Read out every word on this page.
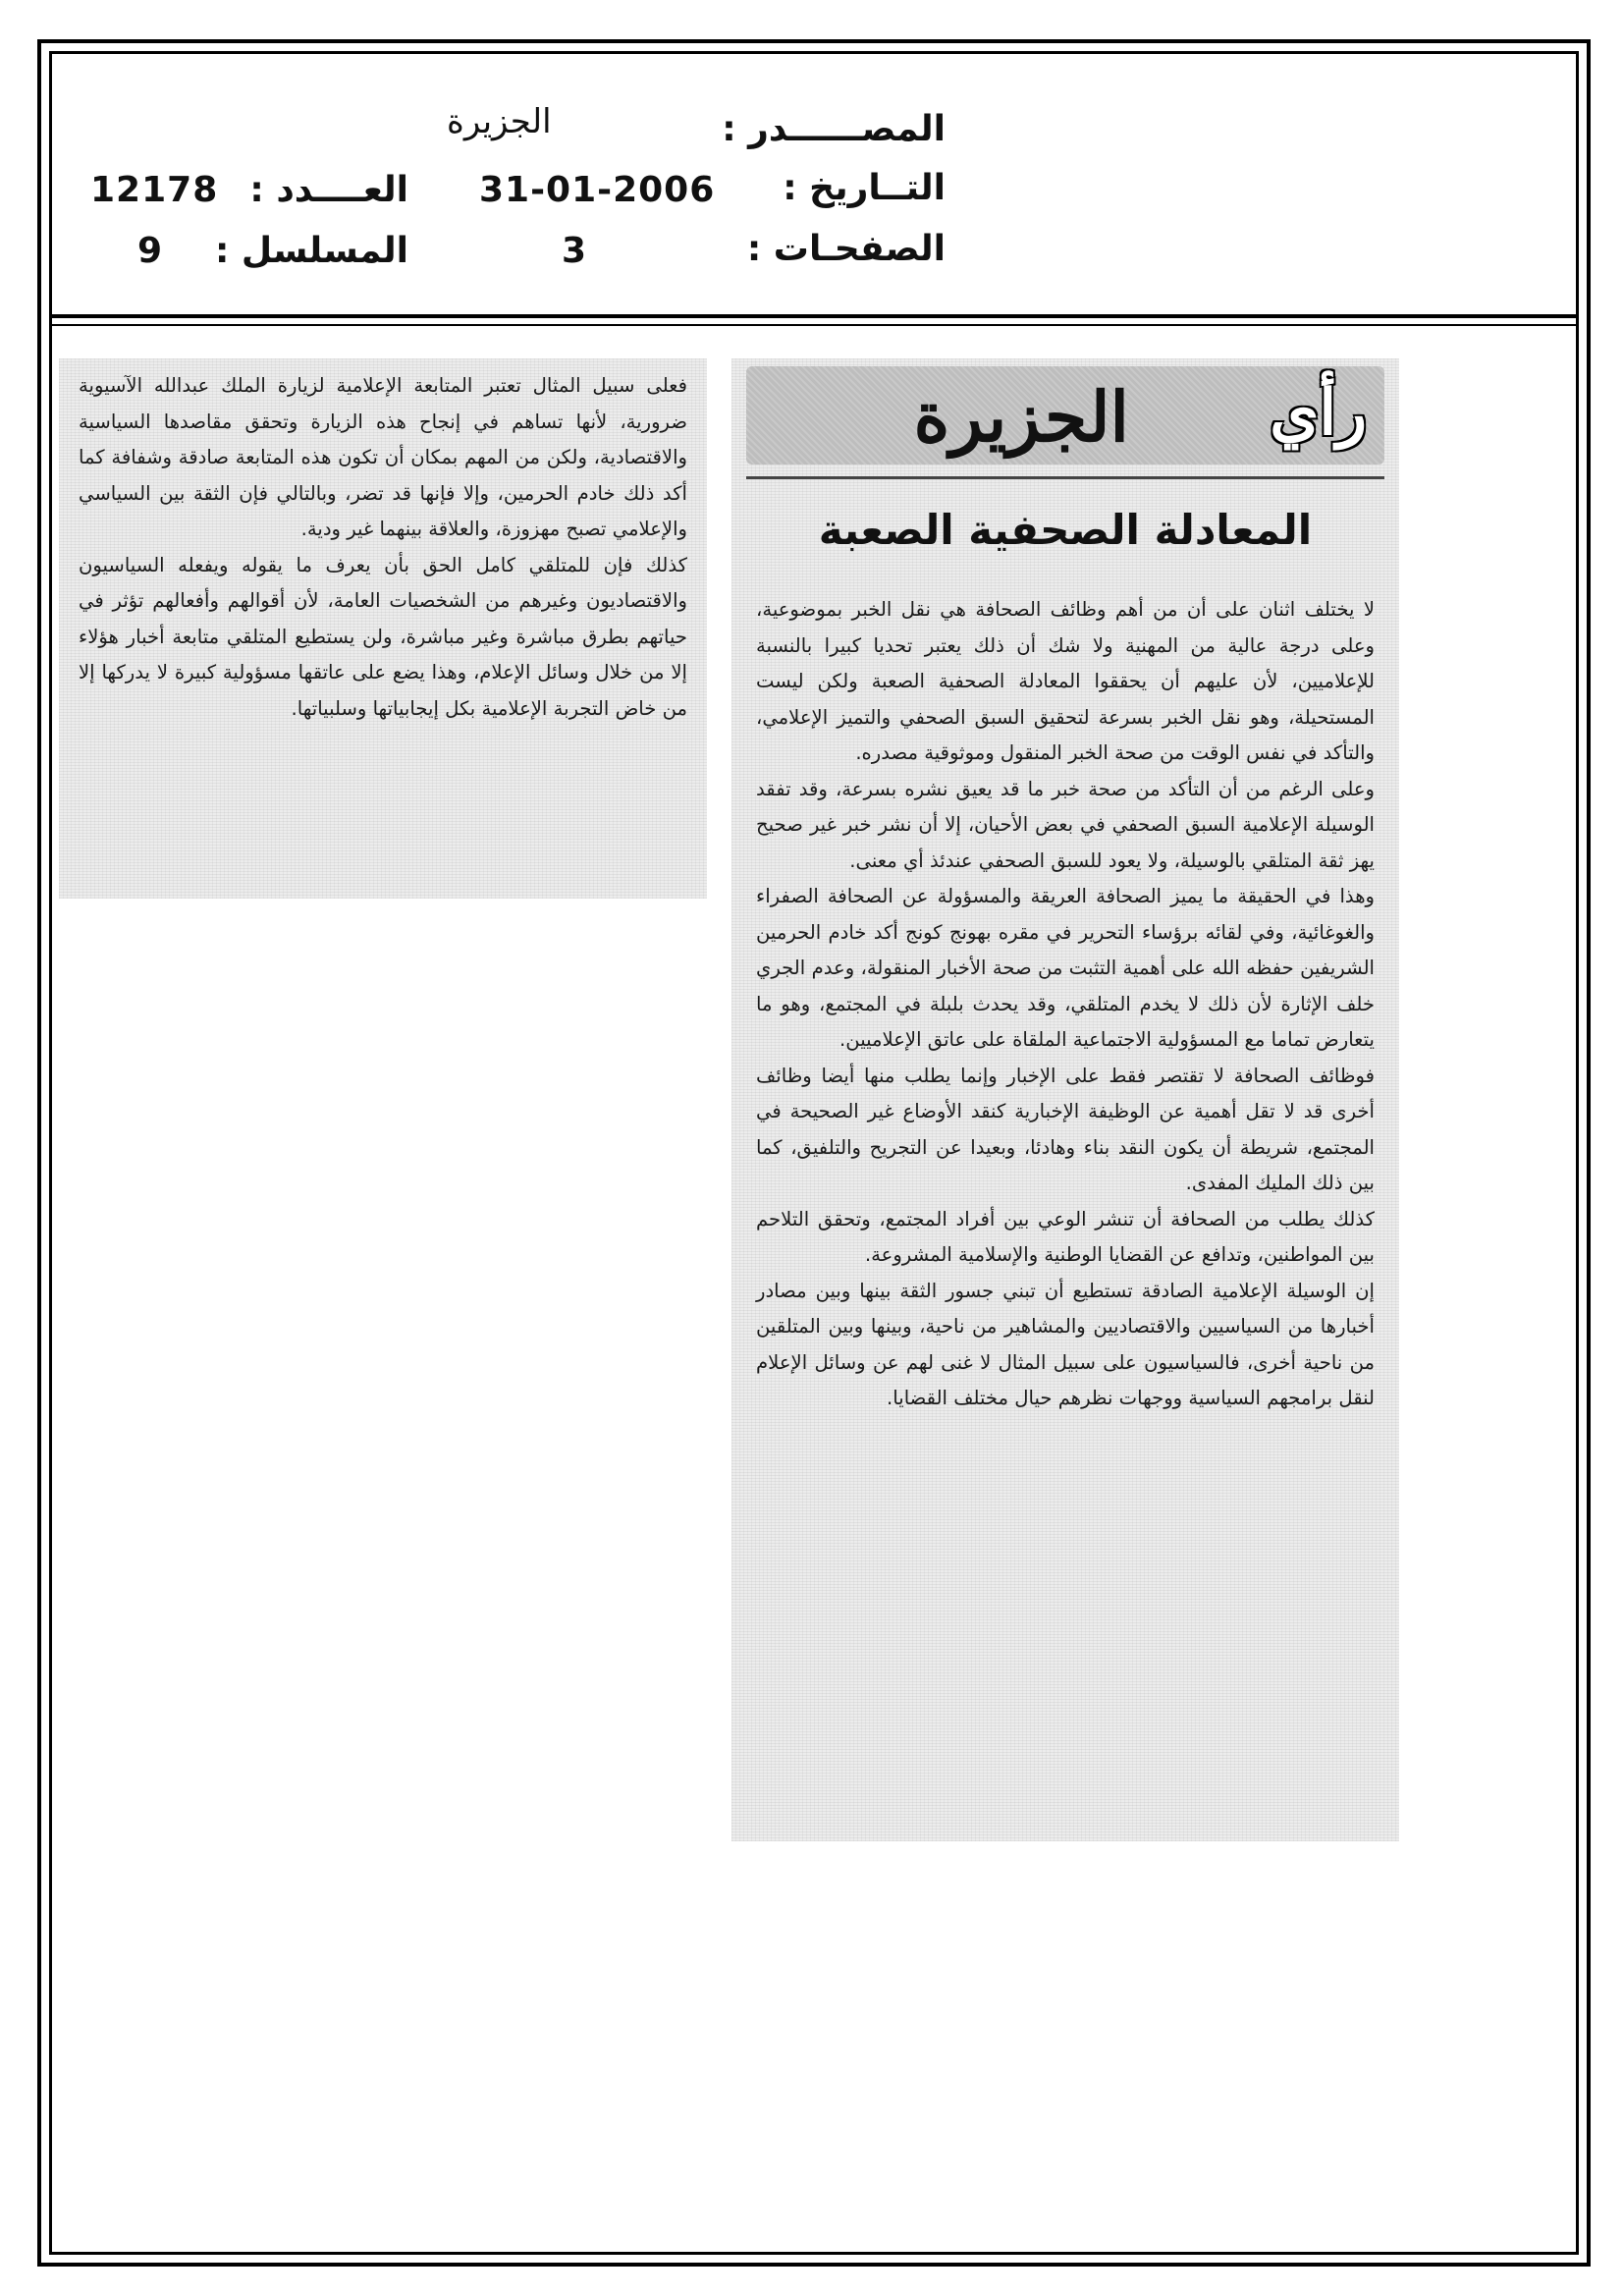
المصــــــدر :
الجزيرة
التــاريخ :
31-01-2006
العــــدد :
12178
الصفحـات :
3
المسلسل :
9
رأي
الجزيرة
المعادلة الصحفية الصعبة

لا يختلف اثنان على أن من أهم وظائف الصحافة هي نقل الخبر بموضوعية، وعلى درجة عالية من المهنية ولا شك أن ذلك يعتبر تحديا كبيرا بالنسبة للإعلاميين، لأن عليهم أن يحققوا المعادلة الصحفية الصعبة ولكن ليست المستحيلة، وهو نقل الخبر بسرعة لتحقيق السبق الصحفي والتميز الإعلامي، والتأكد في نفس الوقت من صحة الخبر المنقول وموثوقية مصدره.

وعلى الرغم من أن التأكد من صحة خبر ما قد يعيق نشره بسرعة، وقد تفقد الوسيلة الإعلامية السبق الصحفي في بعض الأحيان، إلا أن نشر خبر غير صحيح يهز ثقة المتلقي بالوسيلة، ولا يعود للسبق الصحفي عندئذ أي معنى.

وهذا في الحقيقة ما يميز الصحافة العريقة والمسؤولة عن الصحافة الصفراء والغوغائية، وفي لقائه برؤساء التحرير في مقره بهونج كونج أكد خادم الحرمين الشريفين حفظه الله على أهمية التثبت من صحة الأخبار المنقولة، وعدم الجري خلف الإثارة لأن ذلك لا يخدم المتلقي، وقد يحدث بلبلة في المجتمع، وهو ما يتعارض تماما مع المسؤولية الاجتماعية الملقاة على عاتق الإعلاميين.

فوظائف الصحافة لا تقتصر فقط على الإخبار وإنما يطلب منها أيضا وظائف أخرى قد لا تقل أهمية عن الوظيفة الإخبارية كنقد الأوضاع غير الصحيحة في المجتمع، شريطة أن يكون النقد بناء وهادئا، وبعيدا عن التجريح والتلفيق، كما بين ذلك المليك المفدى.

كذلك يطلب من الصحافة أن تنشر الوعي بين أفراد المجتمع، وتحقق التلاحم بين المواطنين، وتدافع عن القضايا الوطنية والإسلامية المشروعة.

إن الوسيلة الإعلامية الصادقة تستطيع أن تبني جسور الثقة بينها وبين مصادر أخبارها من السياسيين والاقتصاديين والمشاهير من ناحية، وبينها وبين المتلقين من ناحية أخرى، فالسياسيون على سبيل المثال لا غنى لهم عن وسائل الإعلام لنقل برامجهم السياسية ووجهات نظرهم حيال مختلف القضايا.

فعلى سبيل المثال تعتبر المتابعة الإعلامية لزيارة الملك عبدالله الآسيوية ضرورية، لأنها تساهم في إنجاح هذه الزيارة وتحقق مقاصدها السياسية والاقتصادية، ولكن من المهم بمكان أن تكون هذه المتابعة صادقة وشفافة كما أكد ذلك خادم الحرمين، وإلا فإنها قد تضر، وبالتالي فإن الثقة بين السياسي والإعلامي تصبح مهزوزة، والعلاقة بينهما غير ودية.

كذلك فإن للمتلقي كامل الحق بأن يعرف ما يقوله ويفعله السياسيون والاقتصاديون وغيرهم من الشخصيات العامة، لأن أقوالهم وأفعالهم تؤثر في حياتهم بطرق مباشرة وغير مباشرة، ولن يستطيع المتلقي متابعة أخبار هؤلاء إلا من خلال وسائل الإعلام، وهذا يضع على عاتقها مسؤولية كبيرة لا يدركها إلا من خاض التجربة الإعلامية بكل إيجابياتها وسلبياتها.
